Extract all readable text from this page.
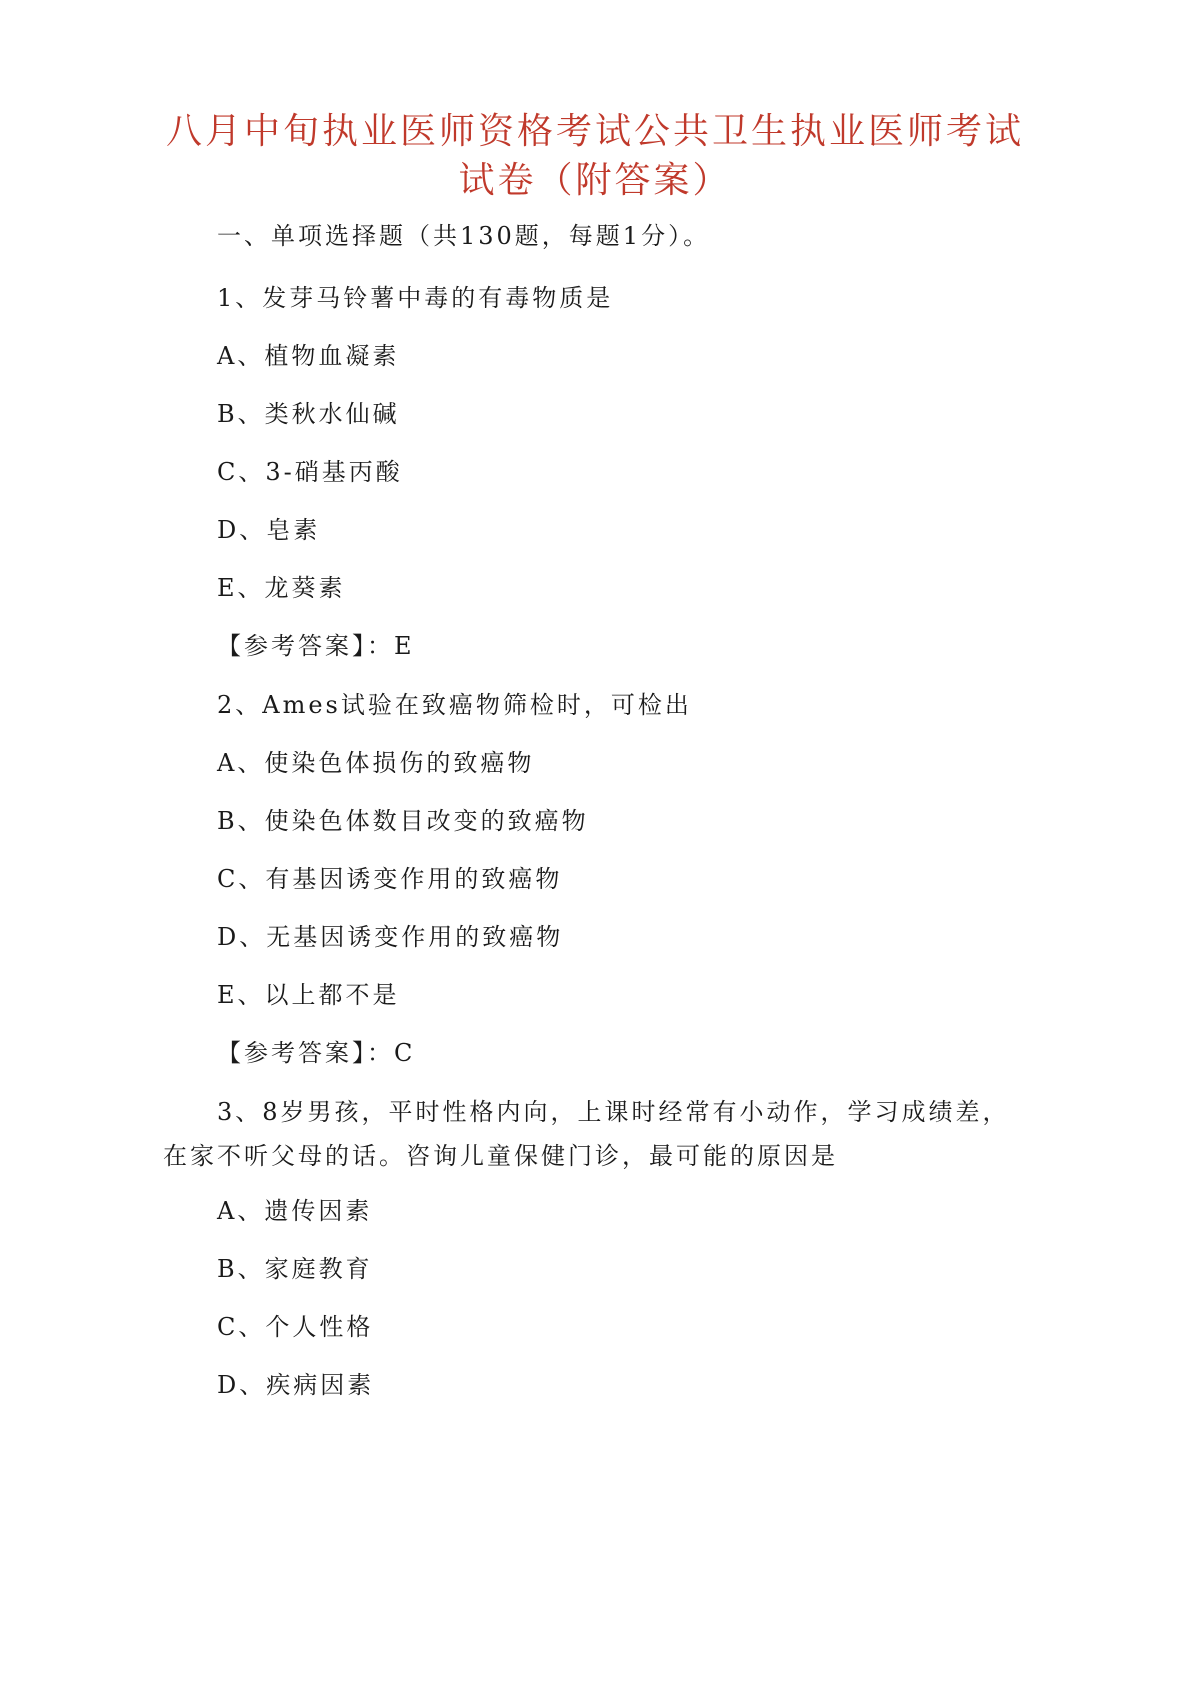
八月中旬执业医师资格考试公共卫生执业医师考试
试卷（附答案）
一、单项选择题（共130题，每题1分）。
1、发芽马铃薯中毒的有毒物质是
A、植物血凝素
B、类秋水仙碱
C、3-硝基丙酸
D、皂素
E、龙葵素
【参考答案】：E
2、Ames试验在致癌物筛检时，可检出
A、使染色体损伤的致癌物
B、使染色体数目改变的致癌物
C、有基因诱变作用的致癌物
D、无基因诱变作用的致癌物
E、以上都不是
【参考答案】：C
3、8岁男孩，平时性格内向，上课时经常有小动作，学习成绩差，
在家不听父母的话。咨询儿童保健门诊，最可能的原因是
A、遗传因素
B、家庭教育
C、个人性格
D、疾病因素
